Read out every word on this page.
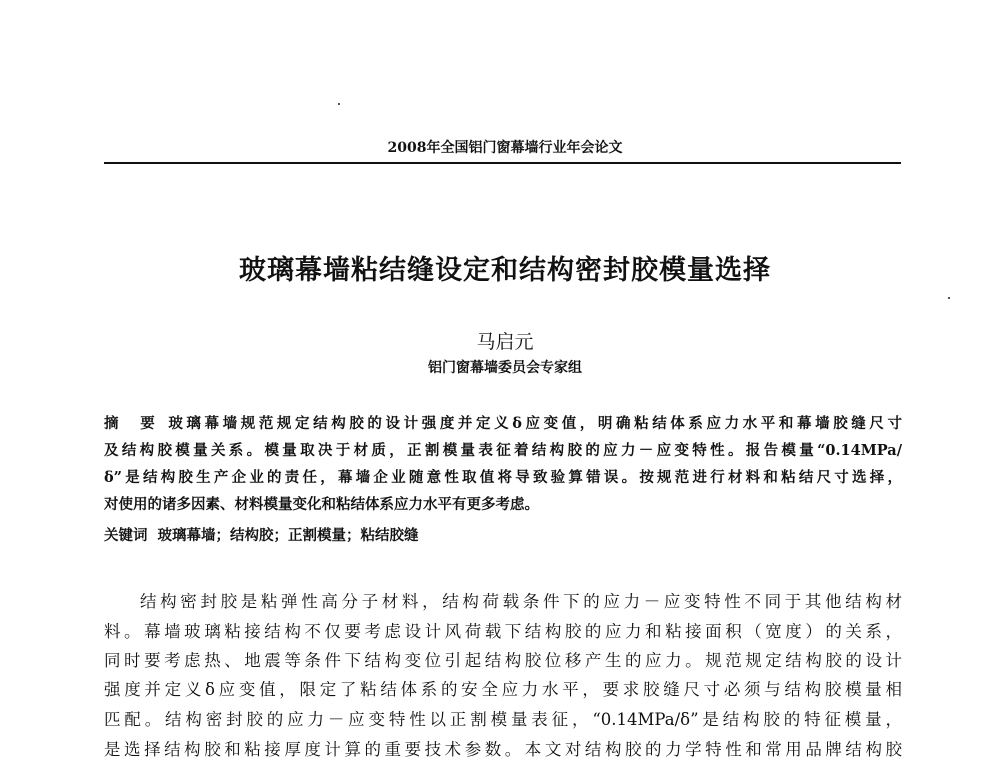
2008年全国铝门窗幕墙行业年会论文
玻璃幕墙粘结缝设定和结构密封胶模量选择
马启元
铝门窗幕墙委员会专家组
摘　要 玻璃幕墙规范规定结构胶的设计强度并定义δ应变值，明确粘结体系应力水平和幕墙胶缝尺寸
及结构胶模量关系。模量取决于材质，正割模量表征着结构胶的应力－应变特性。报告模量“0.14MPa/
δ”是结构胶生产企业的责任，幕墙企业随意性取值将导致验算错误。按规范进行材料和粘结尺寸选择，
对使用的诸多因素、材料模量变化和粘结体系应力水平有更多考虑。
关键词 玻璃幕墙；结构胶；正割模量；粘结胶缝
结构密封胶是粘弹性高分子材料，结构荷载条件下的应力－应变特性不同于其他结构材
料。幕墙玻璃粘接结构不仅要考虑设计风荷载下结构胶的应力和粘接面积（宽度）的关系，
同时要考虑热、地震等条件下结构变位引起结构胶位移产生的应力。规范规定结构胶的设计
强度并定义δ应变值，限定了粘结体系的安全应力水平，要求胶缝尺寸必须与结构胶模量相
匹配。结构密封胶的应力－应变特性以正割模量表征，“0.14MPa/δ”是结构胶的特征模量，
是选择结构胶和粘接厚度计算的重要技术参数。本文对结构胶的力学特性和常用品牌结构胶
